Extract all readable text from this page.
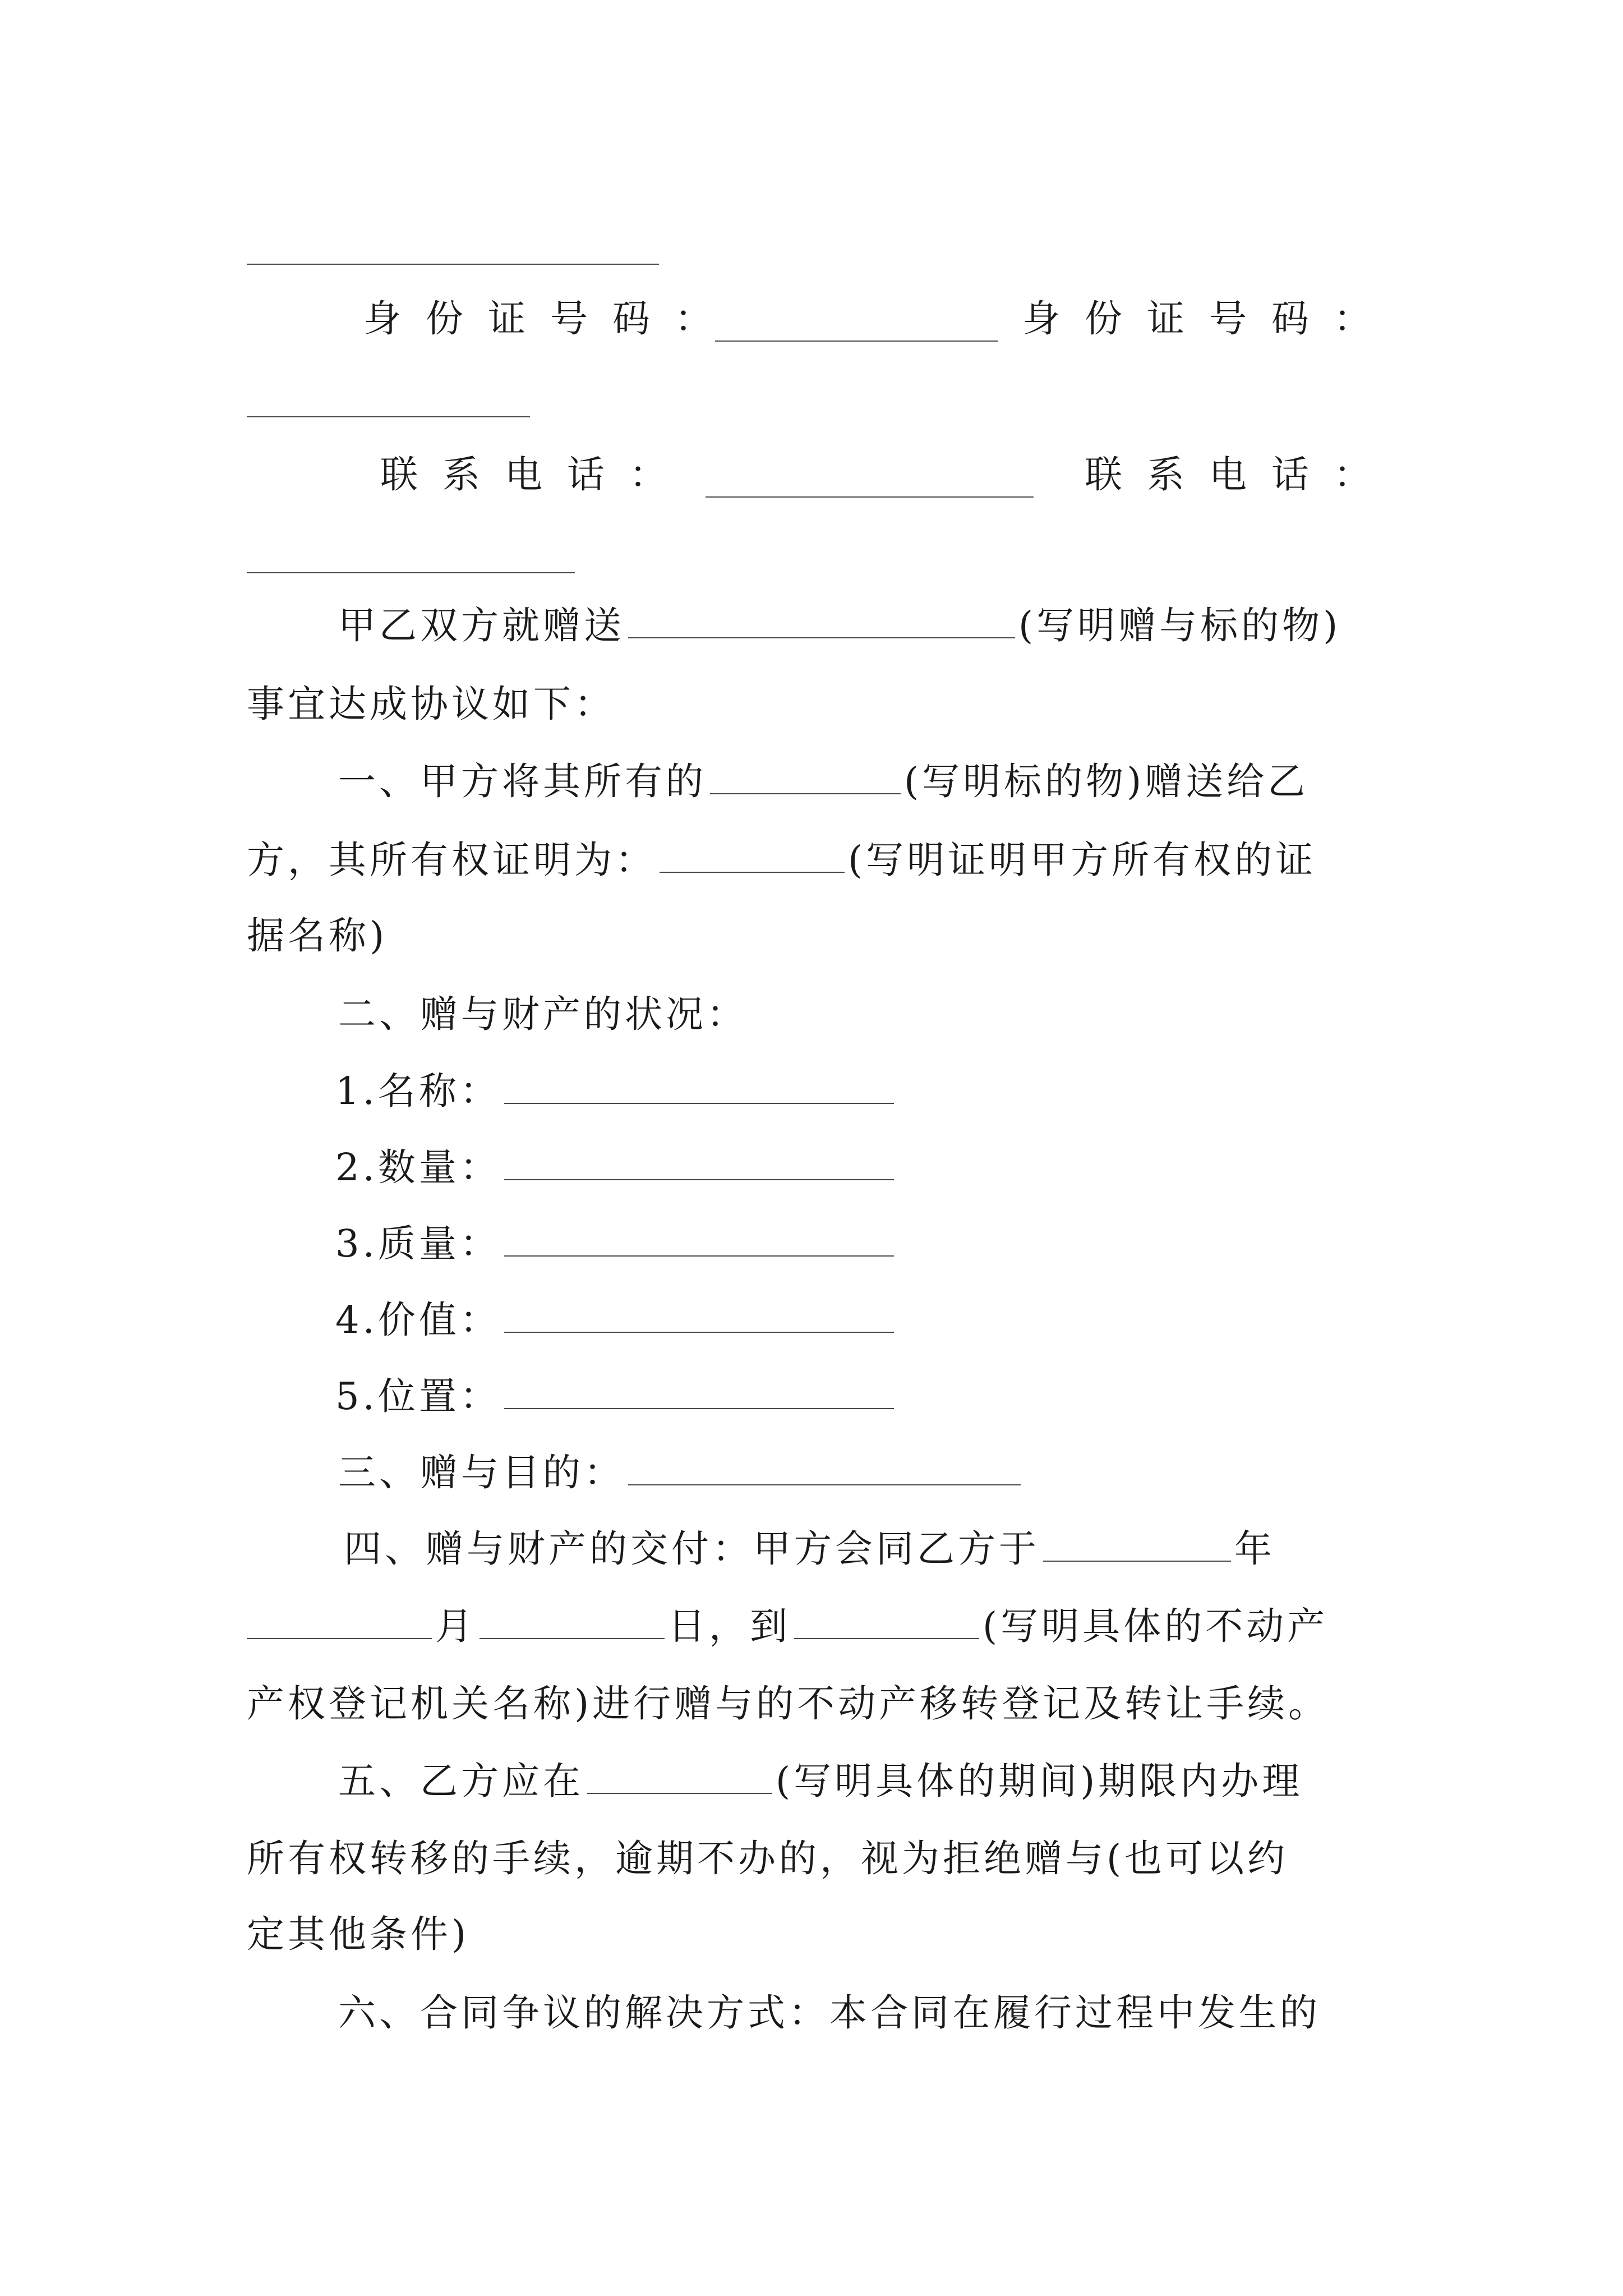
身份证号码：	身份证号码：
联系电话：	联系电话：
甲乙双方就赠送	(写明赠与标的物)
事宜达成协议如下：
一、甲方将其所有的	(写明标的物)赠送给乙
方，其所有权证明为：	(写明证明甲方所有权的证
据名称)
二、赠与财产的状况：
1.名称：
2.数量：
3.质量：
4.价值：
5.位置：
三、赠与目的：
四、赠与财产的交付：甲方会同乙方于	年
月	日，到	(写明具体的不动产
产权登记机关名称)进行赠与的不动产移转登记及转让手续。
五、乙方应在	(写明具体的期间)期限内办理
所有权转移的手续，逾期不办的，视为拒绝赠与(也可以约
定其他条件)
六、合同争议的解决方式：本合同在履行过程中发生的
